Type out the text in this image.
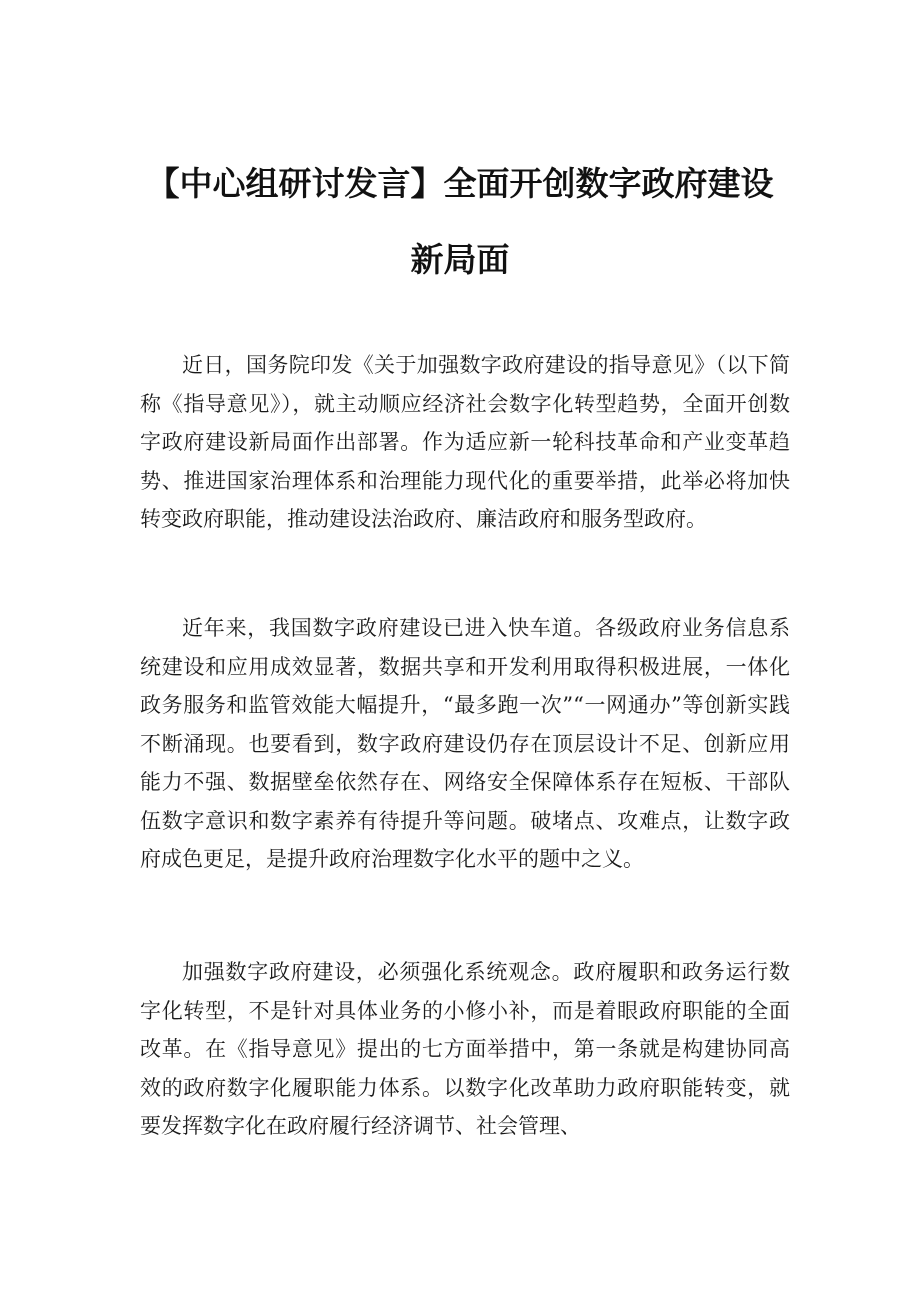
【中心组研讨发言】全面开创数字政府建设
新局面

近日，国务院印发《关于加强数字政府建设的指导意见》（以下简称《指导意见》），就主动顺应经济社会数字化转型趋势，全面开创数字政府建设新局面作出部署。作为适应新一轮科技革命和产业变革趋势、推进国家治理体系和治理能力现代化的重要举措，此举必将加快转变政府职能，推动建设法治政府、廉洁政府和服务型政府。

近年来，我国数字政府建设已进入快车道。各级政府业务信息系统建设和应用成效显著，数据共享和开发利用取得积极进展，一体化政务服务和监管效能大幅提升，“最多跑一次”“一网通办”等创新实践不断涌现。也要看到，数字政府建设仍存在顶层设计不足、创新应用能力不强、数据壁垒依然存在、网络安全保障体系存在短板、干部队伍数字意识和数字素养有待提升等问题。破堵点、攻难点，让数字政府成色更足，是提升政府治理数字化水平的题中之义。

加强数字政府建设，必须强化系统观念。政府履职和政务运行数字化转型，不是针对具体业务的小修小补，而是着眼政府职能的全面改革。在《指导意见》提出的七方面举措中，第一条就是构建协同高效的政府数字化履职能力体系。以数字化改革助力政府职能转变，就要发挥数字化在政府履行经济调节、社会管理、
